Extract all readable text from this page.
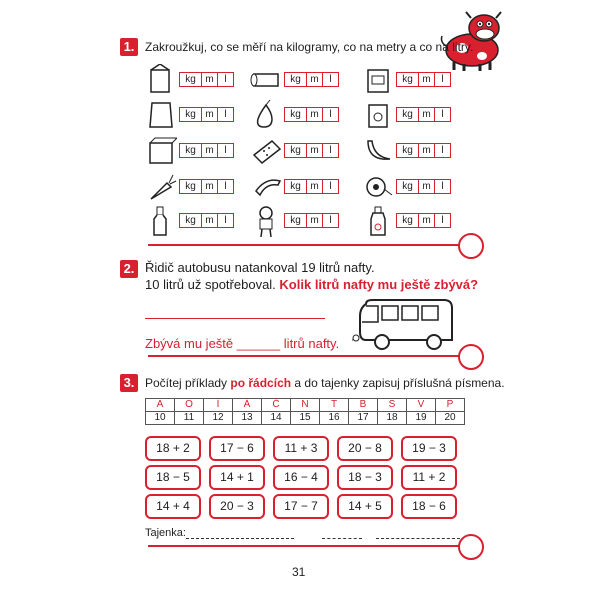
1. Zakroužkuj, co se měří na kilogramy, co na metry a co na litry.
kg m	l	kg m	l	kg m	l
kg m	l	kg m	l	kg m	l
kg m	l	kg m	l	kg m	l
kg m	l	kg m	l	kg m	l
kg m	l	kg m	l	kg m	l
2. Řidič autobusu natankoval 19 litrů nafty.
10 litrů už spotřeboval. Kolik litrů nafty mu ještě zbývá?
Zbývá mu ještě ______ litrů nafty.
3. Počítej příklady po řádcích a do tajenky zapisuj příslušná písmena.
A	O	Í	Á	Č	N	T	B	S	V	P
10	11	12	13	14	15	16	17	18	19	20
18 + 2	17 − 6	11 + 3	20 − 8	19 − 3
18 − 5	14 + 1	16 − 4	18 − 3	11 + 2
14 + 4	20 − 3	17 − 7	14 + 5	18 − 6
Tajenka:
31
